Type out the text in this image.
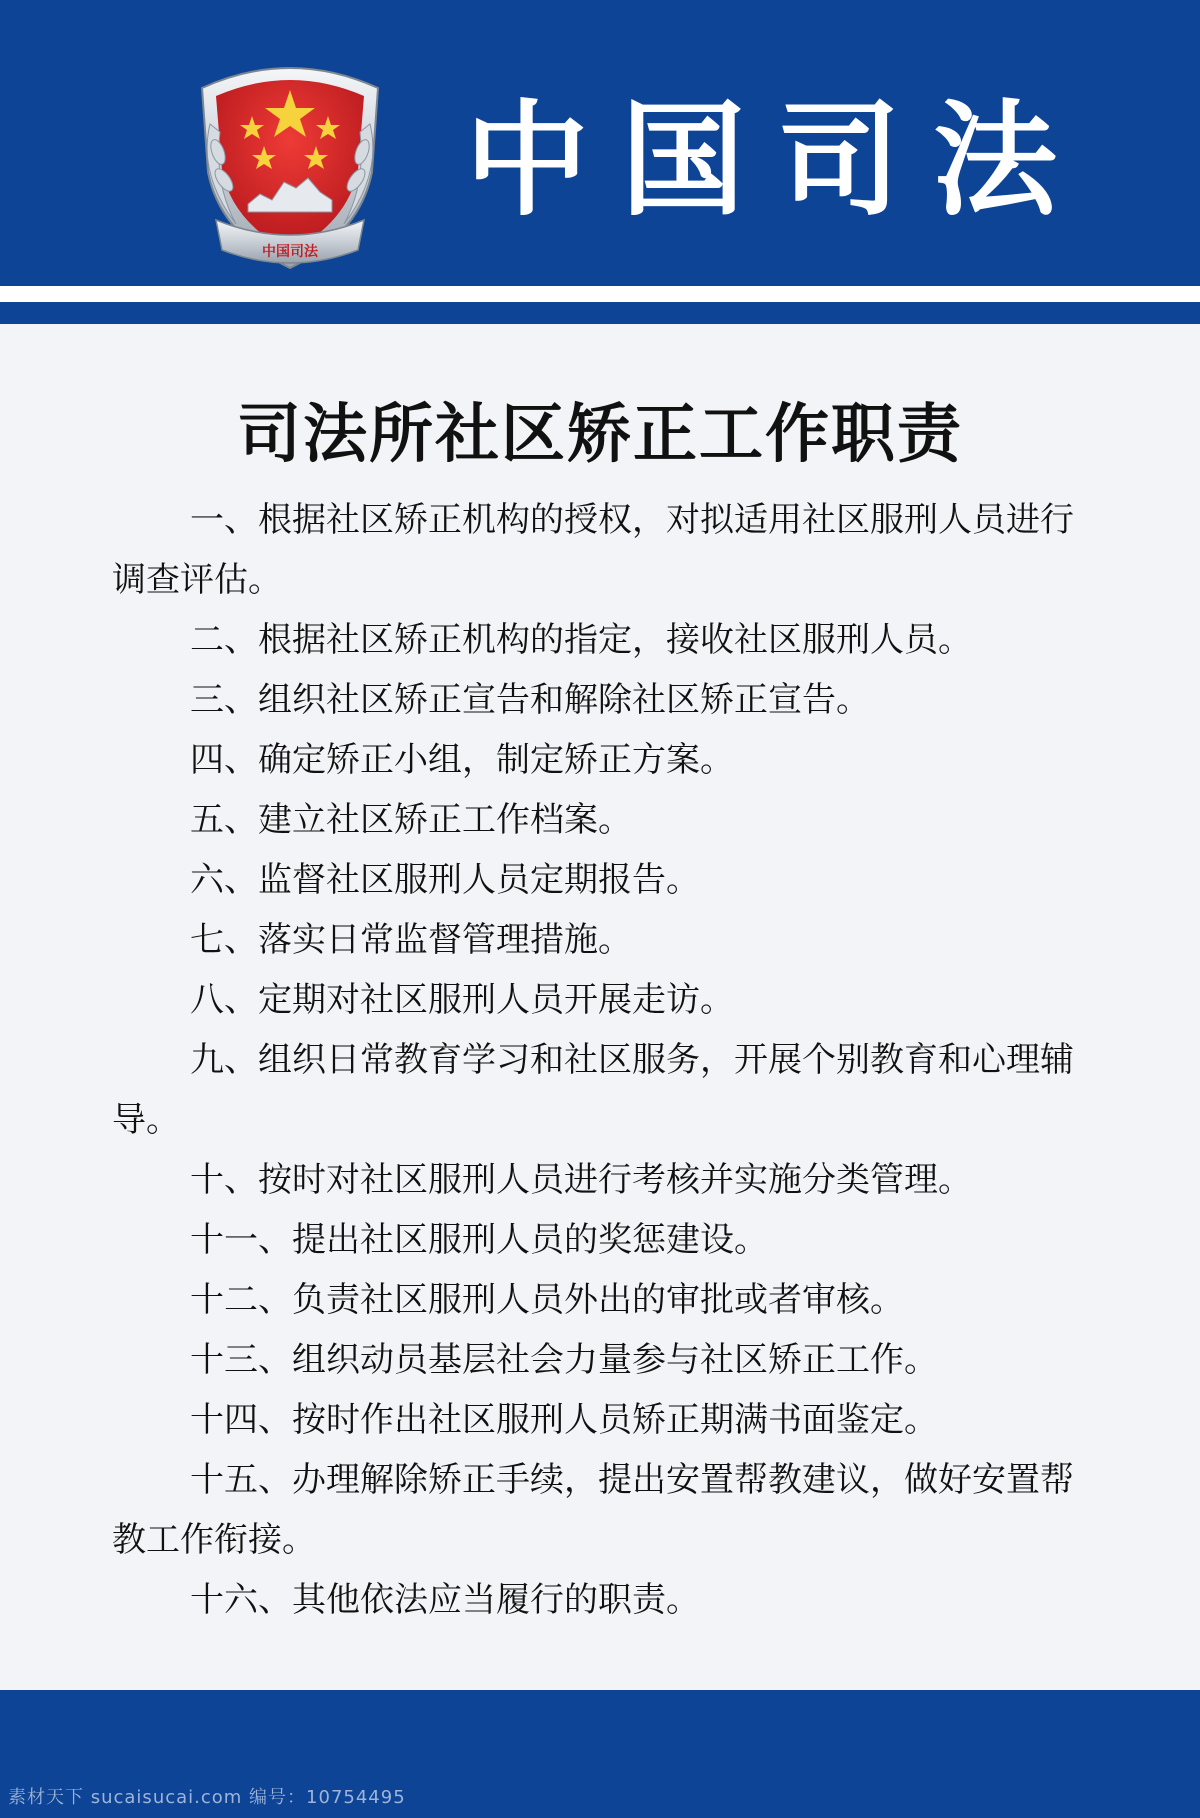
中国司法
中国司法
司法所社区矫正工作职责

一、根据社区矫正机构的授权，对拟适用社区服刑人员进行调查评估。

二、根据社区矫正机构的指定，接收社区服刑人员。

三、组织社区矫正宣告和解除社区矫正宣告。

四、确定矫正小组，制定矫正方案。

五、建立社区矫正工作档案。

六、监督社区服刑人员定期报告。

七、落实日常监督管理措施。

八、定期对社区服刑人员开展走访。

九、组织日常教育学习和社区服务，开展个别教育和心理辅导。

十、按时对社区服刑人员进行考核并实施分类管理。

十一、提出社区服刑人员的奖惩建设。

十二、负责社区服刑人员外出的审批或者审核。

十三、组织动员基层社会力量参与社区矫正工作。

十四、按时作出社区服刑人员矫正期满书面鉴定。

十五、办理解除矫正手续，提出安置帮教建议，做好安置帮教工作衔接。

十六、其他依法应当履行的职责。

素材天下 sucaisucai.com 编号：10754495
